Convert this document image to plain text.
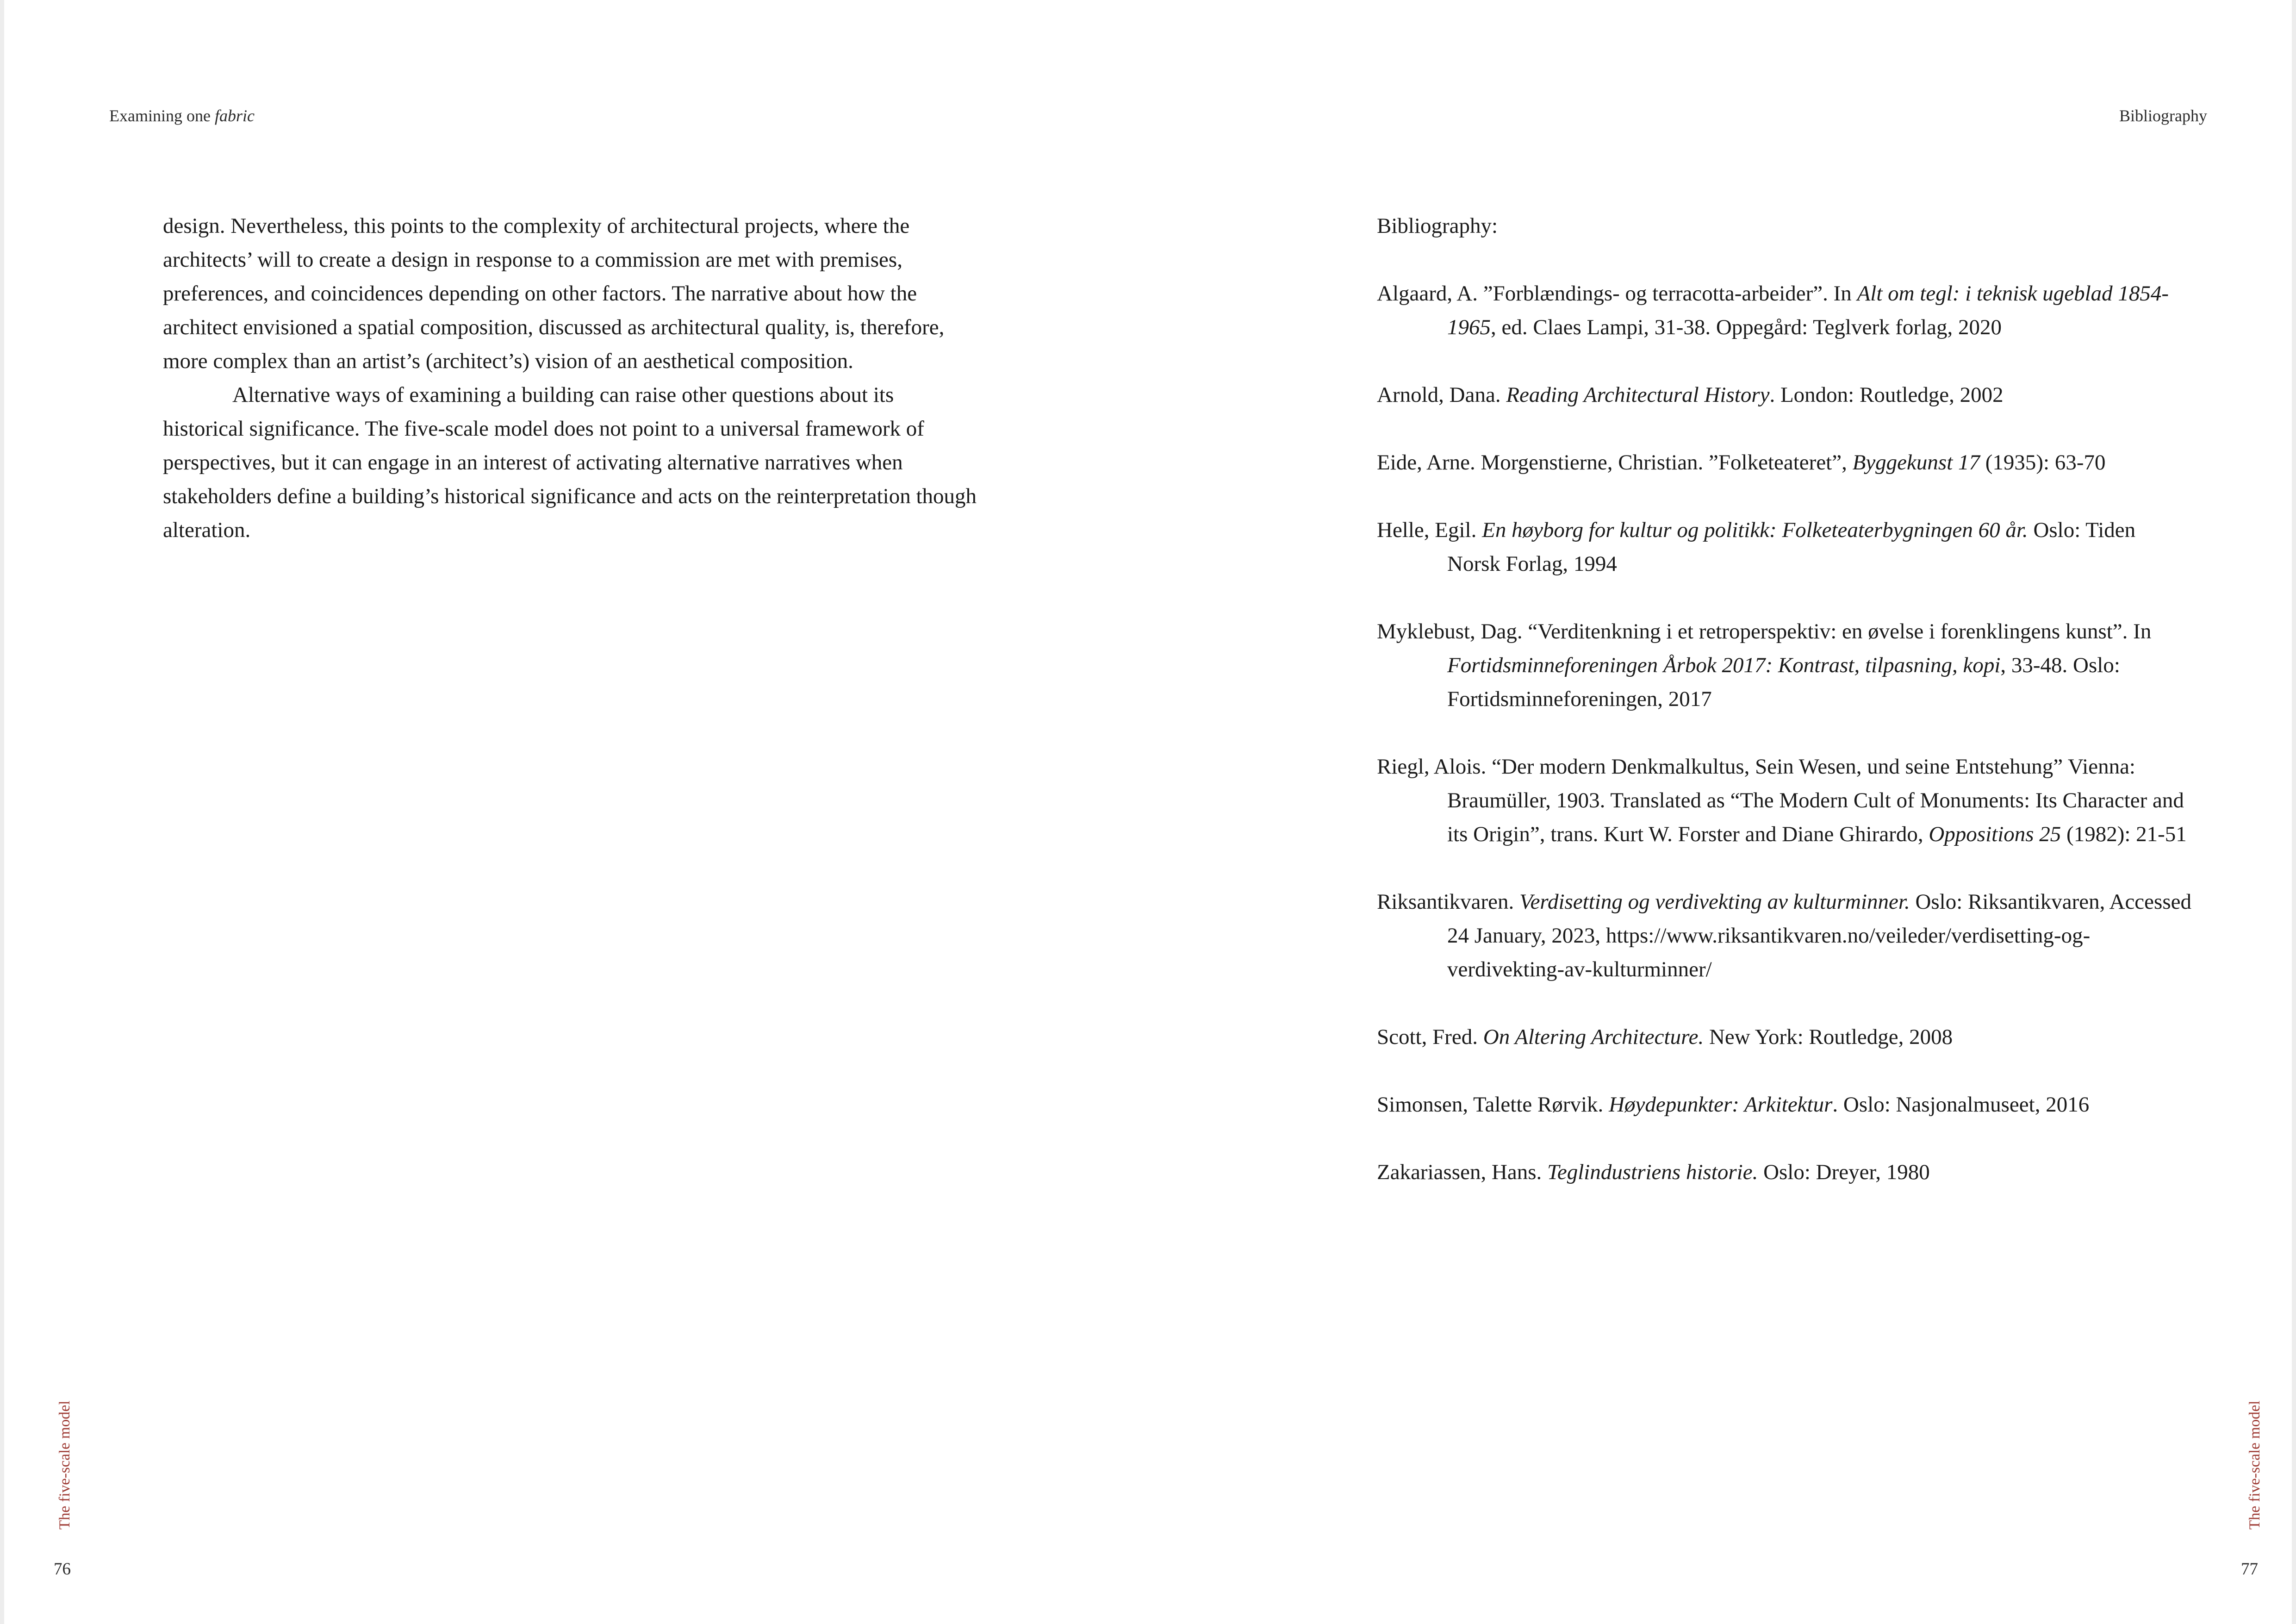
Examining one fabric

design. Nevertheless, this points to the complexity of architectural projects, where the architects’ will to create a design in response to a commission are met with premises, preferences, and coincidences depending on other factors. The narrative about how the architect envisioned a spatial composition, discussed as architectural quality, is, therefore, more complex than an artist’s (architect’s) vision of an aesthetical composition.

Alternative ways of examining a building can raise other questions about its historical significance. The five-scale model does not point to a universal framework of perspectives, but it can engage in an interest of activating alternative narratives when stakeholders define a building’s historical significance and acts on the reinterpretation though alteration.

The five-scale model
76
Bibliography

Bibliography:

Algaard, A. ”Forblændings- og terracotta-arbeider”. In Alt om tegl: i teknisk ugeblad 1854-1965, ed. Claes Lampi, 31-38. Oppegård: Teglverk forlag, 2020

Arnold, Dana. Reading Architectural History. London: Routledge, 2002

Eide, Arne. Morgenstierne, Christian. ”Folketeateret”, Byggekunst 17 (1935): 63-70

Helle, Egil. En høyborg for kultur og politikk: Folketeaterbygningen 60 år. Oslo: Tiden Norsk Forlag, 1994

Myklebust, Dag. “Verditenkning i et retroperspektiv: en øvelse i forenklingens kunst”. In Fortidsminneforeningen Årbok 2017: Kontrast, tilpasning, kopi, 33-48. Oslo: Fortidsminneforeningen, 2017

Riegl, Alois. “Der modern Denkmalkultus, Sein Wesen, und seine Entstehung” Vienna: Braumüller, 1903. Translated as “The Modern Cult of Monuments: Its Character and its Origin”, trans. Kurt W. Forster and Diane Ghirardo, Oppositions 25 (1982): 21-51

Riksantikvaren. Verdisetting og verdivekting av kulturminner. Oslo: Riksantikvaren, Accessed 24 January, 2023, https://www.riksantikvaren.no/veileder/verdisetting-og-verdivekting-av-kulturminner/

Scott, Fred. On Altering Architecture. New York: Routledge, 2008

Simonsen, Talette Rørvik. Høydepunkter: Arkitektur. Oslo: Nasjonalmuseet, 2016

Zakariassen, Hans. Teglindustriens historie. Oslo: Dreyer, 1980

The five-scale model
77
